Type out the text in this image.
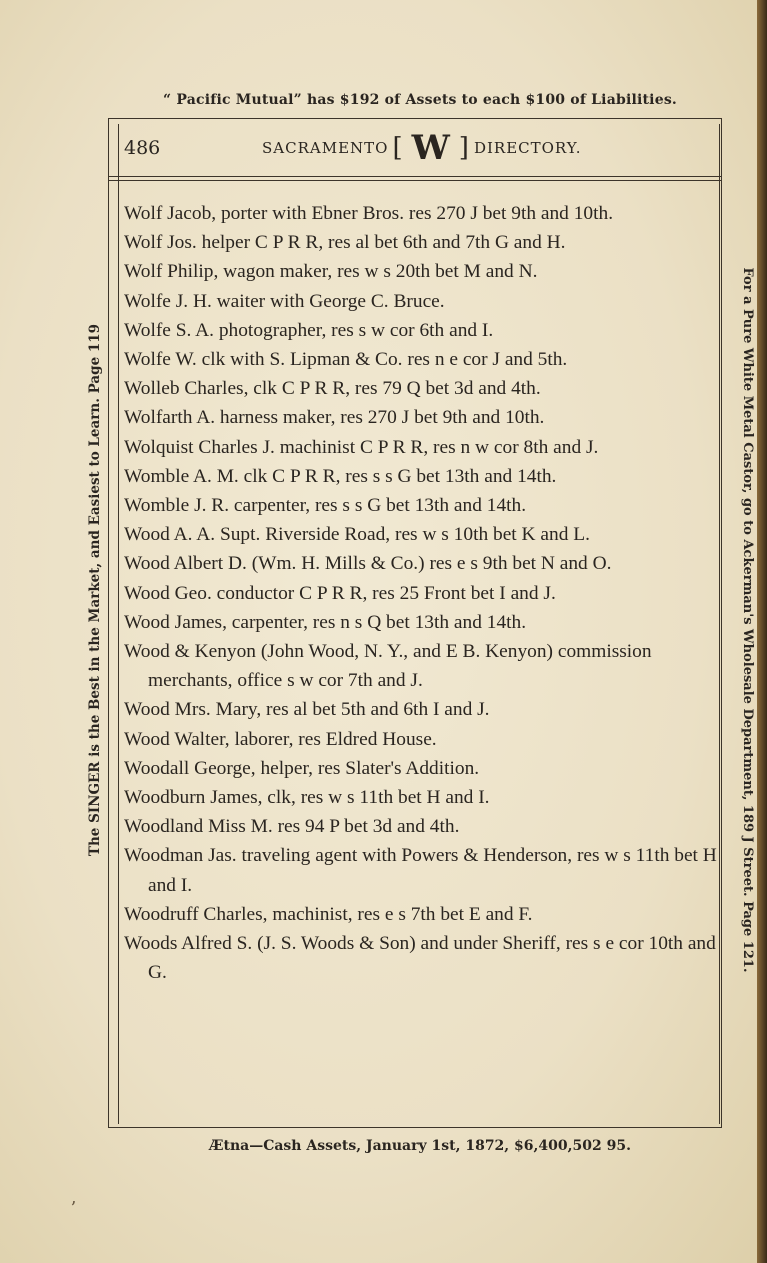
“ Pacific Mutual” has $192 of Assets to each $100 of Liabilities.
The SINGER is the Best in the Market, and Easiest to Learn. Page 119	For a Pure White Metal Castor, go to Ackerman's Wholesale Department, 189 J Street. Page 121.
486	SACRAMENTO [ W ] DIRECTORY.

Wolf Jacob, porter with Ebner Bros. res 270 J bet 9th and 10th.

Wolf Jos. helper C P R R, res al bet 6th and 7th G and H.

Wolf Philip, wagon maker, res w s 20th bet M and N.

Wolfe J. H. waiter with George C. Bruce.

Wolfe S. A. photographer, res s w cor 6th and I.

Wolfe W. clk with S. Lipman & Co. res n e cor J and 5th.

Wolleb Charles, clk C P R R, res 79 Q bet 3d and 4th.

Wolfarth A. harness maker, res 270 J bet 9th and 10th.

Wolquist Charles J. machinist C P R R, res n w cor 8th and J.

Womble A. M. clk C P R R, res s s G bet 13th and 14th.

Womble J. R. carpenter, res s s G bet 13th and 14th.

Wood A. A. Supt. Riverside Road, res w s 10th bet K and L.

Wood Albert D. (Wm. H. Mills & Co.) res e s 9th bet N and O.

Wood Geo. conductor C P R R, res 25 Front bet I and J.

Wood James, carpenter, res n s Q bet 13th and 14th.

Wood & Kenyon (John Wood, N. Y., and E B. Kenyon) commission merchants, office s w cor 7th and J.

Wood Mrs. Mary, res al bet 5th and 6th I and J.

Wood Walter, laborer, res Eldred House.

Woodall George, helper, res Slater's Addition.

Woodburn James, clk, res w s 11th bet H and I.

Woodland Miss M. res 94 P bet 3d and 4th.

Woodman Jas. traveling agent with Powers & Henderson, res w s 11th bet H and I.

Woodruff Charles, machinist, res e s 7th bet E and F.

Woods Alfred S. (J. S. Woods & Son) and under Sheriff, res s e cor 10th and G.

Ætna—Cash Assets, January 1st, 1872, $6,400,502 95.
ʼ
